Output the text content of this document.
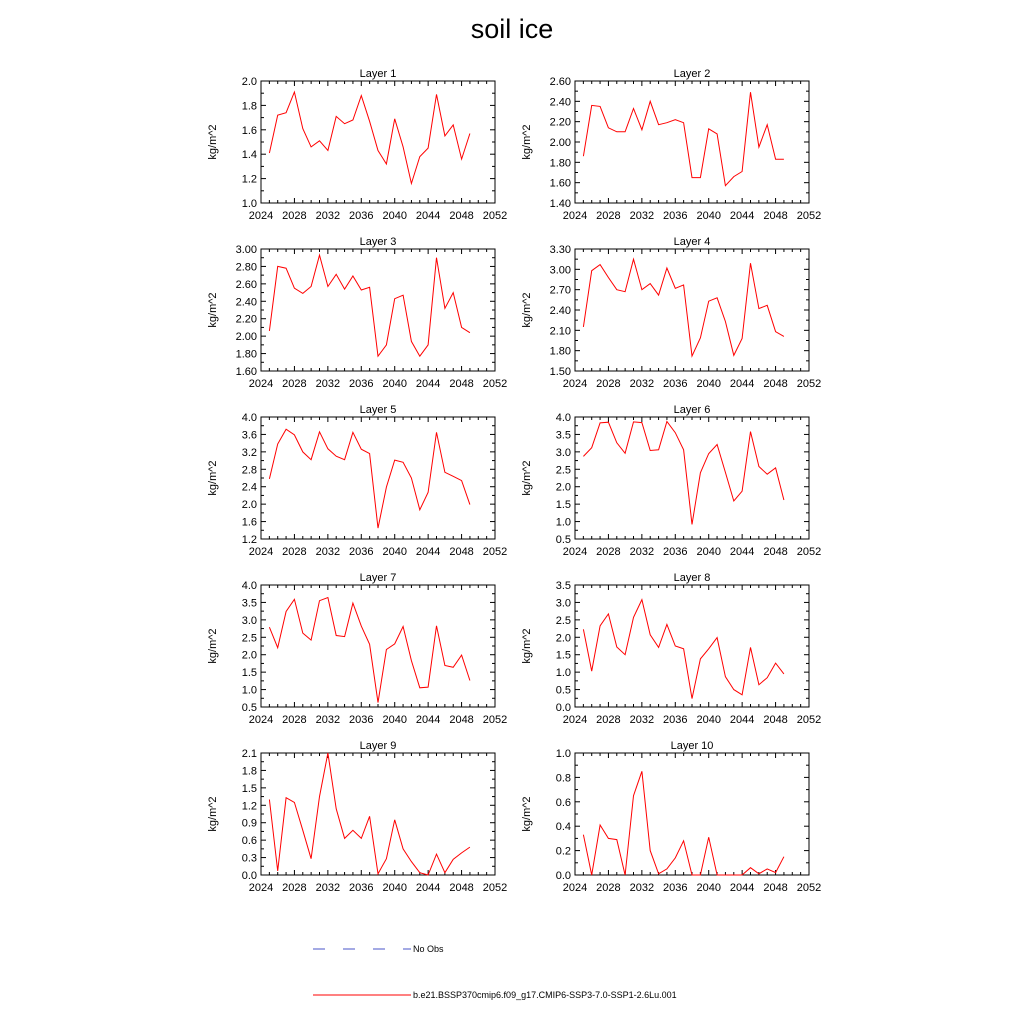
soil ice
Layer 1
1.0
1.2
1.4
1.6
1.8
2.0
2024 2028 2032 2036 2040 2044 2048 2052
kg/m^2
Layer 2
1.40
1.60
1.80
2.00
2.20
2.40
2.60
2024 2028 2032 2036 2040 2044 2048 2052
kg/m^2
Layer 3
1.60
1.80
2.00
2.20
2.40
2.60
2.80
3.00
2024 2028 2032 2036 2040 2044 2048 2052
kg/m^2
Layer 4
1.50
1.80
2.10
2.40
2.70
3.00
3.30
2024 2028 2032 2036 2040 2044 2048 2052
kg/m^2
Layer 5
1.2
1.6
2.0
2.4
2.8
3.2
3.6
4.0
2024 2028 2032 2036 2040 2044 2048 2052
kg/m^2
Layer 6
0.5
1.0
1.5
2.0
2.5
3.0
3.5
4.0
2024 2028 2032 2036 2040 2044 2048 2052
kg/m^2
Layer 7
0.5
1.0
1.5
2.0
2.5
3.0
3.5
4.0
2024 2028 2032 2036 2040 2044 2048 2052
kg/m^2
Layer 8
0.0
0.5
1.0
1.5
2.0
2.5
3.0
3.5
2024 2028 2032 2036 2040 2044 2048 2052
kg/m^2
Layer 9
0.0
0.3
0.6
0.9
1.2
1.5
1.8
2.1
2024 2028 2032 2036 2040 2044 2048 2052
kg/m^2
Layer 10
0.0
0.2
0.4
0.6
0.8
1.0
2024 2028 2032 2036 2040 2044 2048 2052
kg/m^2
No Obs
b.e21.BSSP370cmip6.f09_g17.CMIP6-SSP3-7.0-SSP1-2.6Lu.001
